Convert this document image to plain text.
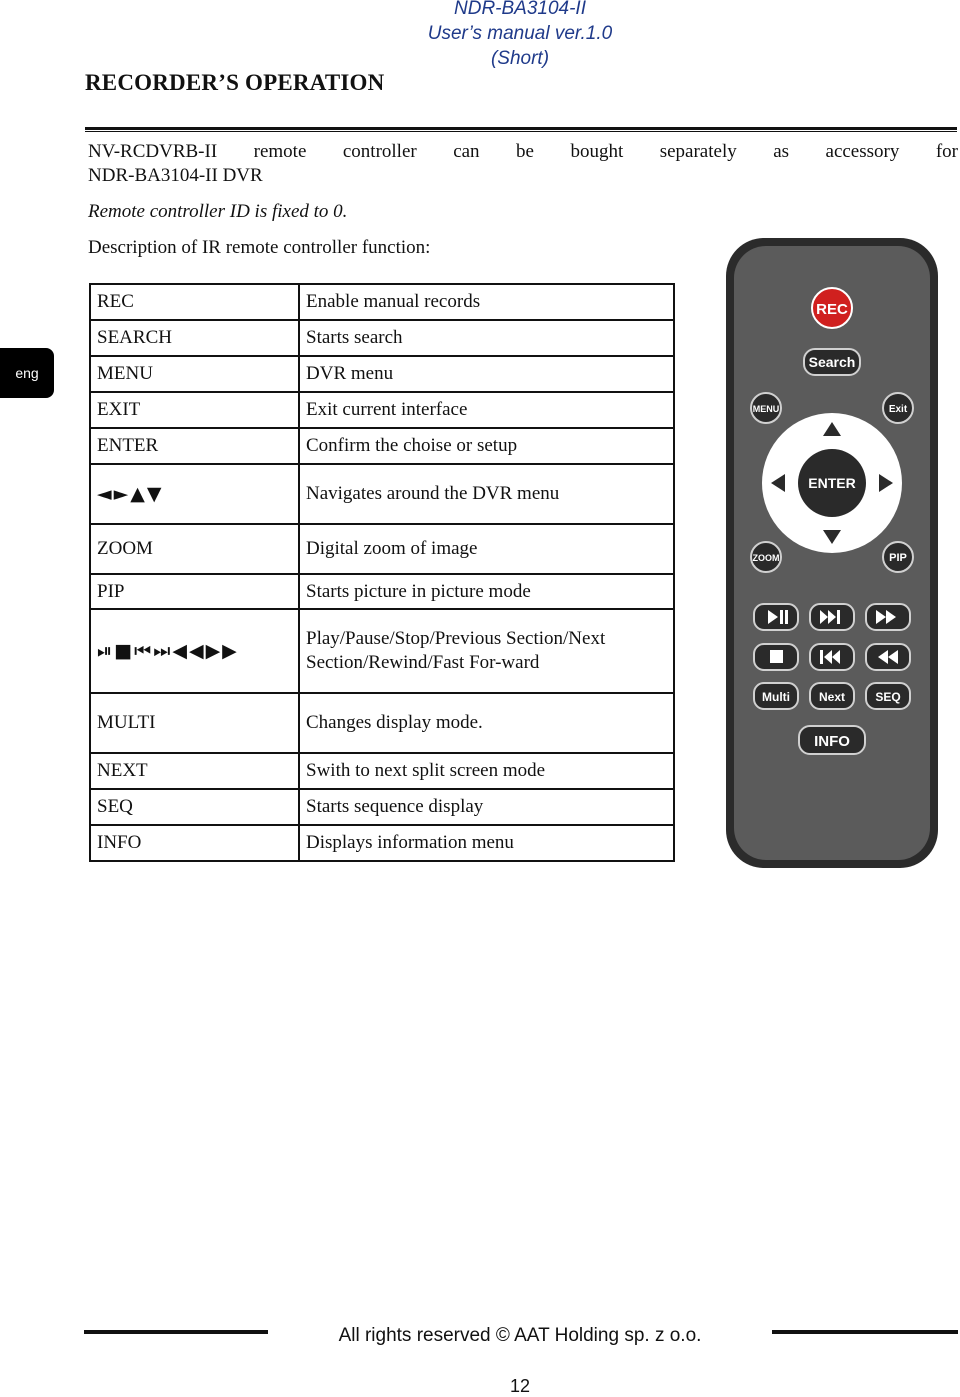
NDR-BA3104-II
User’s manual ver.1.0
(Short)
RECORDER’S OPERATION
NV-RCDVRB-II remote controller can be bought separately as accessory for
NDR-BA3104-II DVR
Remote controller ID is fixed to 0.
Description of IR remote controller function:
eng
REC	Enable manual records
SEARCH	Starts search
MENU	DVR menu
EXIT	Exit current interface
ENTER	Confirm the choise or setup
◄►▲▼	Navigates around the DVR menu
ZOOM	Digital zoom of image
PIP	Starts picture in picture mode
⏯■⏮⏭◀◀▶▶	Play/Pause/Stop/Previous Section/Next Section/Rewind/Fast For-ward
MULTI	Changes display mode.
NEXT	Swith to next split screen mode
SEQ	Starts sequence display
INFO	Displays information menu
REC
Search
MENU	Exit
ENTER
ZOOM	PIP
Multi Next	SEQ
INFO
All rights reserved © AAT Holding sp. z o.o.
12
